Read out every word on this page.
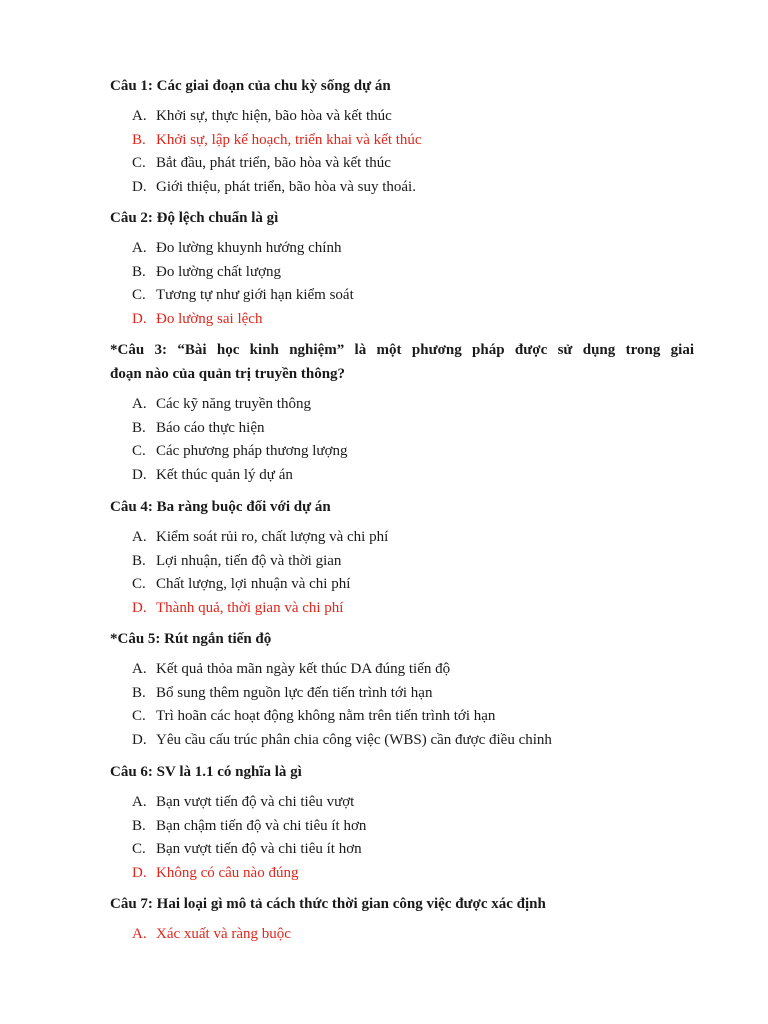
Câu 1: Các giai đoạn của chu kỳ sống dự án

A. Khởi sự, thực hiện, bão hòa và kết thúc
B. Khởi sự, lập kế hoạch, triển khai và kết thúc
C. Bắt đầu, phát triển, bão hòa và kết thúc
D. Giới thiệu, phát triển, bão hòa và suy thoái.

Câu 2: Độ lệch chuẩn là gì

A. Đo lường khuynh hướng chính
B. Đo lường chất lượng
C. Tương tự như giới hạn kiểm soát
D. Đo lường sai lệch

*Câu 3: “Bài học kinh nghiệm” là một phương pháp được sử dụng trong giai
đoạn nào của quản trị truyền thông?

A. Các kỹ năng truyền thông
B. Báo cáo thực hiện
C. Các phương pháp thương lượng
D. Kết thúc quản lý dự án

Câu 4: Ba ràng buộc đối với dự án

A. Kiểm soát rủi ro, chất lượng và chi phí
B. Lợi nhuận, tiến độ và thời gian
C. Chất lượng, lợi nhuận và chi phí
D. Thành quả, thời gian và chi phí

*Câu 5: Rút ngắn tiến độ

A. Kết quả thỏa mãn ngày kết thúc DA đúng tiến độ
B. Bổ sung thêm nguồn lực đến tiến trình tới hạn
C. Trì hoãn các hoạt động không nằm trên tiến trình tới hạn
D. Yêu cầu cấu trúc phân chia công việc (WBS) cần được điều chỉnh

Câu 6: SV là 1.1 có nghĩa là gì

A. Bạn vượt tiến độ và chi tiêu vượt
B. Bạn chậm tiến độ và chi tiêu ít hơn
C. Bạn vượt tiến độ và chi tiêu ít hơn
D. Không có câu nào đúng

Câu 7: Hai loại gì mô tả cách thức thời gian công việc được xác định

A. Xác xuất và ràng buộc
